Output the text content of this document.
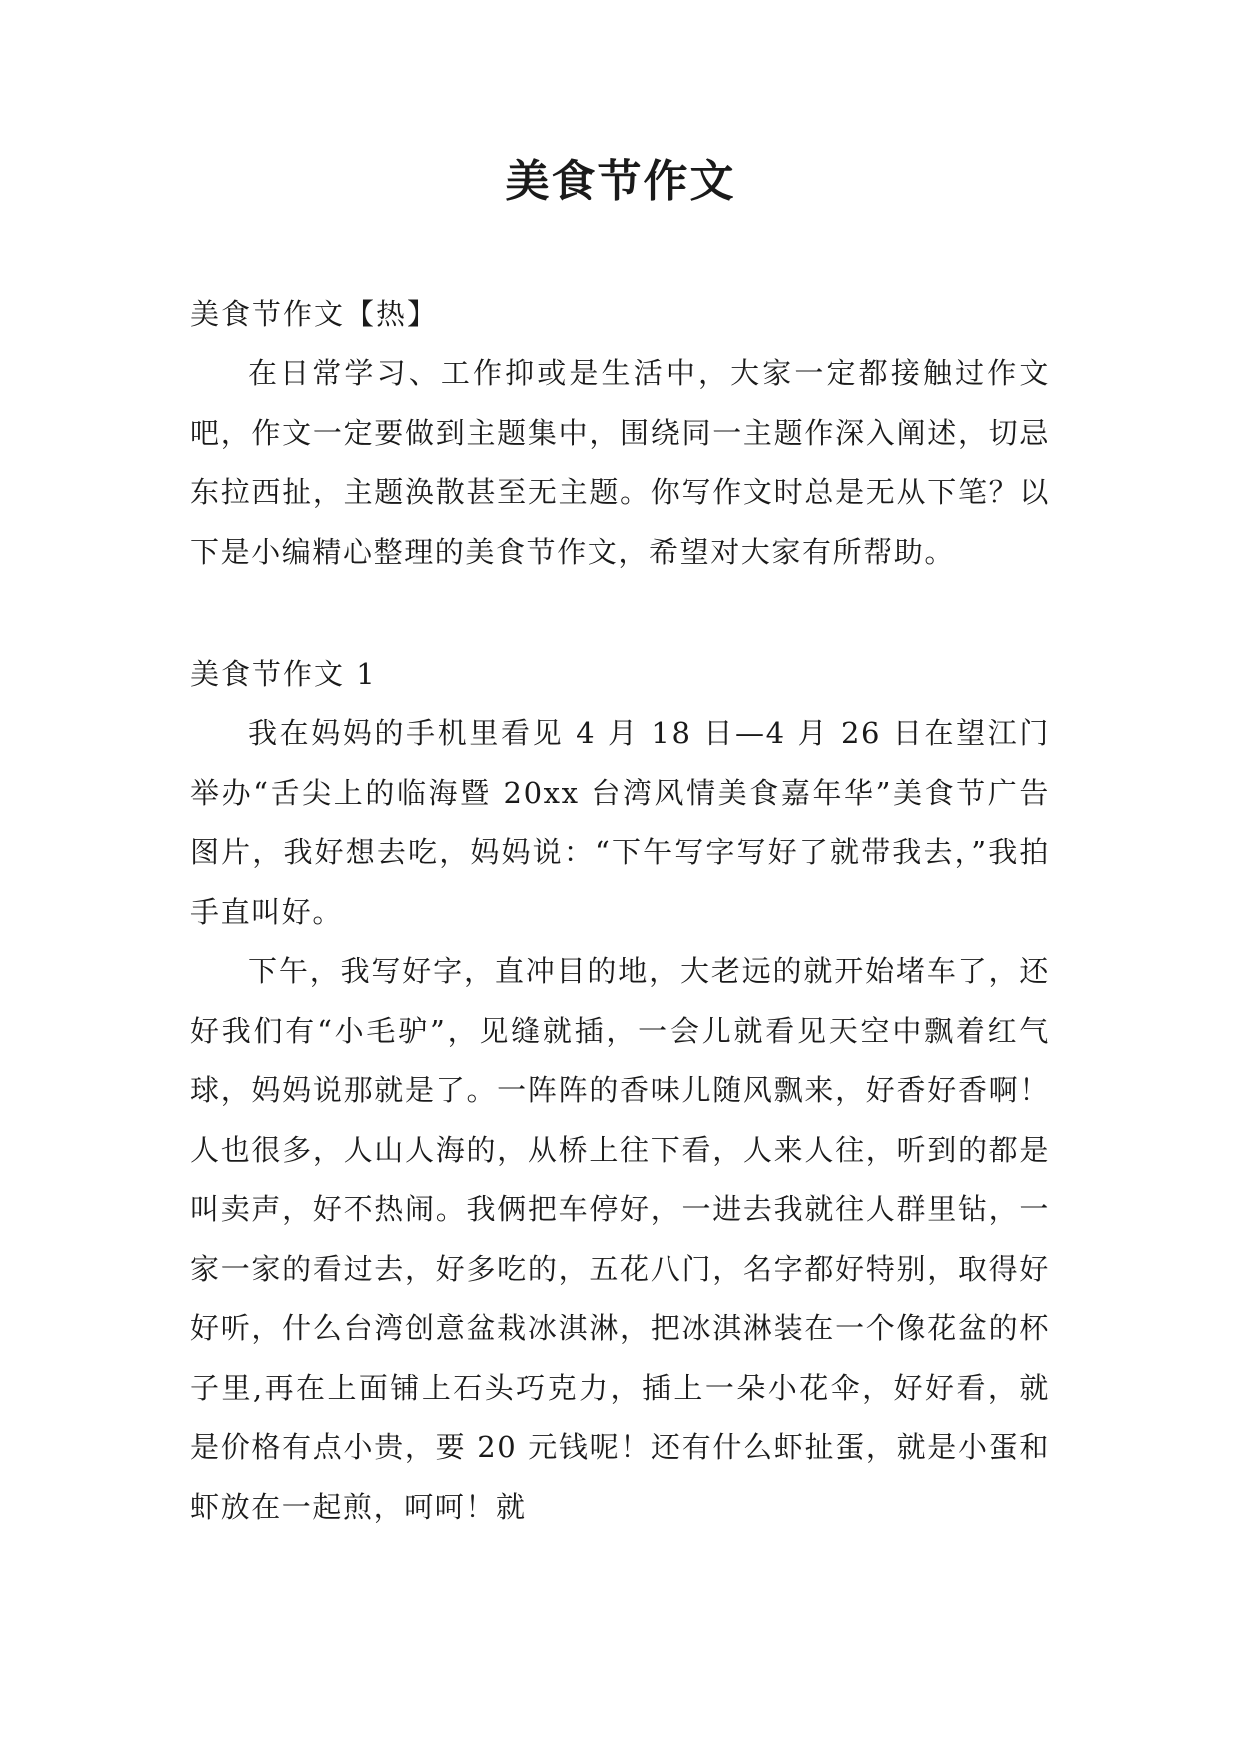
美食节作文

美食节作文【热】

在日常学习、工作抑或是生活中，大家一定都接触过作文吧，作文一定要做到主题集中，围绕同一主题作深入阐述，切忌东拉西扯，主题涣散甚至无主题。你写作文时总是无从下笔？以下是小编精心整理的美食节作文，希望对大家有所帮助。

美食节作文 1

我在妈妈的手机里看见 4 月 18 日—4 月 26 日在望江门举办“舌尖上的临海暨 20xx 台湾风情美食嘉年华”美食节广告图片，我好想去吃，妈妈说：“下午写字写好了就带我去，”我拍手直叫好。

下午，我写好字，直冲目的地，大老远的就开始堵车了，还好我们有“小毛驴”，见缝就插，一会儿就看见天空中飘着红气球，妈妈说那就是了。一阵阵的香味儿随风飘来，好香好香啊！人也很多，人山人海的，从桥上往下看，人来人往，听到的都是叫卖声，好不热闹。我俩把车停好，一进去我就往人群里钻，一家一家的看过去，好多吃的，五花八门，名字都好特别，取得好好听，什么台湾创意盆栽冰淇淋，把冰淇淋装在一个像花盆的杯子里,再在上面铺上石头巧克力，插上一朵小花伞，好好看，就是价格有点小贵，要 20 元钱呢！还有什么虾扯蛋，就是小蛋和虾放在一起煎，呵呵！就
